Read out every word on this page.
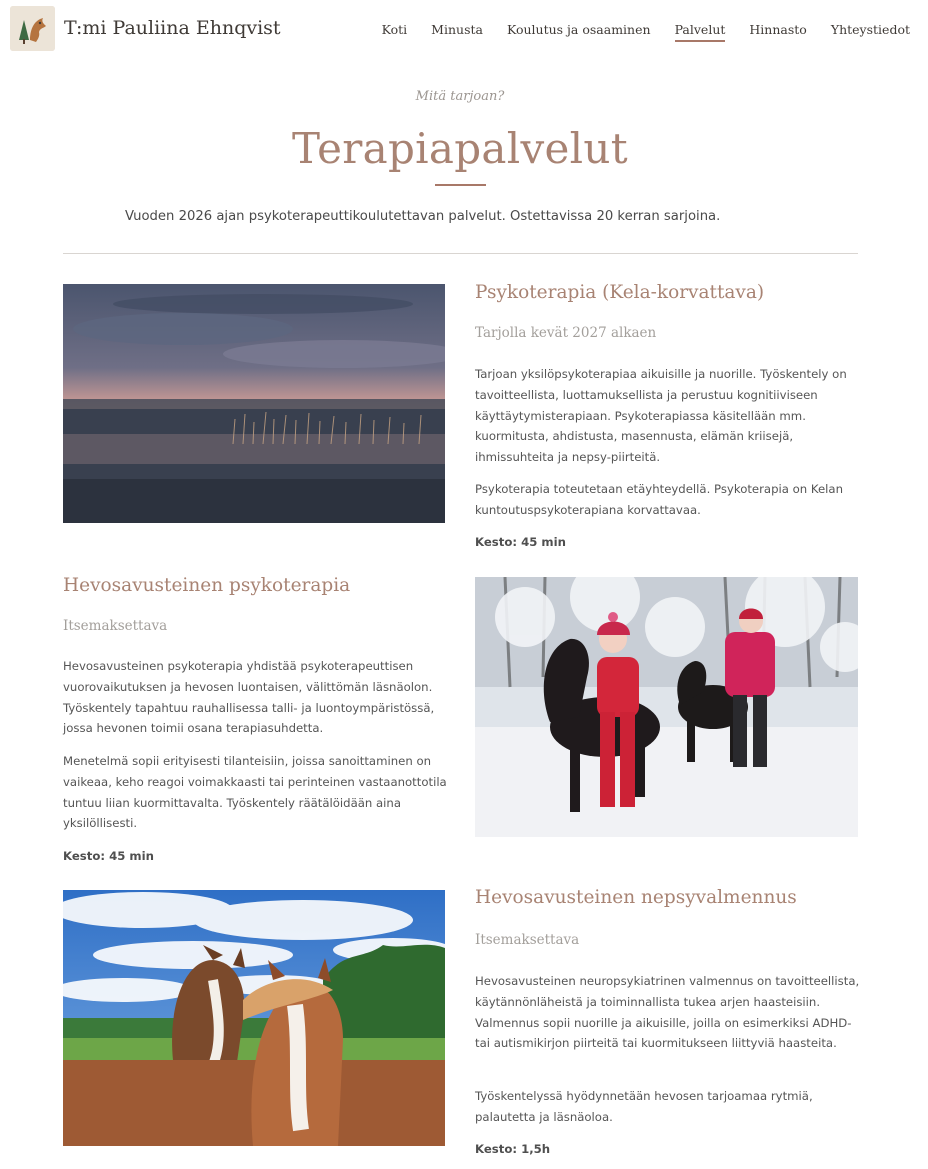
T:mi Pauliina Ehnqvist	Koti Minusta Koulutus ja osaaminen Palvelut Hinnasto Yhteystiedot
Mitä tarjoan?
Terapiapalvelut

Vuoden 2026 ajan psykoterapeuttikoulutettavan palvelut. Ostettavissa 20 kerran sarjoina.

Psykoterapia (Kela-korvattava)
Tarjolla kevät 2027 alkaen

Tarjoan yksilöpsykoterapiaa aikuisille ja nuorille. Työskentely on tavoitteellista, luottamuksellista ja perustuu kognitiiviseen käyttäytymisterapiaan. Psykoterapiassa käsitellään mm. kuormitusta, ahdistusta, masennusta, elämän kriisejä, ihmissuhteita ja nepsy-piirteitä.

Psykoterapia toteutetaan etäyhteydellä. Psykoterapia on Kelan kuntoutuspsykoterapiana korvattavaa.

Kesto: 45 min
Hevosavusteinen psykoterapia
Itsemaksettava

Hevosavusteinen psykoterapia yhdistää psykoterapeuttisen vuorovaikutuksen ja hevosen luontaisen, välittömän läsnäolon. Työskentely tapahtuu rauhallisessa talli- ja luontoympäristössä, jossa hevonen toimii osana terapiasuhdetta.

Menetelmä sopii erityisesti tilanteisiin, joissa sanoittaminen on vaikeaa, keho reagoi voimakkaasti tai perinteinen vastaanottotila tuntuu liian kuormittavalta. Työskentely räätälöidään aina yksilöllisesti.

Kesto: 45 min
Hevosavusteinen nepsyvalmennus
Itsemaksettava

Hevosavusteinen neuropsykiatrinen valmennus on tavoitteellista, käytännönläheistä ja toiminnallista tukea arjen haasteisiin. Valmennus sopii nuorille ja aikuisille, joilla on esimerkiksi ADHD- tai autismikirjon piirteitä tai kuormitukseen liittyviä haasteita.

Työskentelyssä hyödynnetään hevosen tarjoamaa rytmiä, palautetta ja läsnäoloa.

Kesto: 1,5h
